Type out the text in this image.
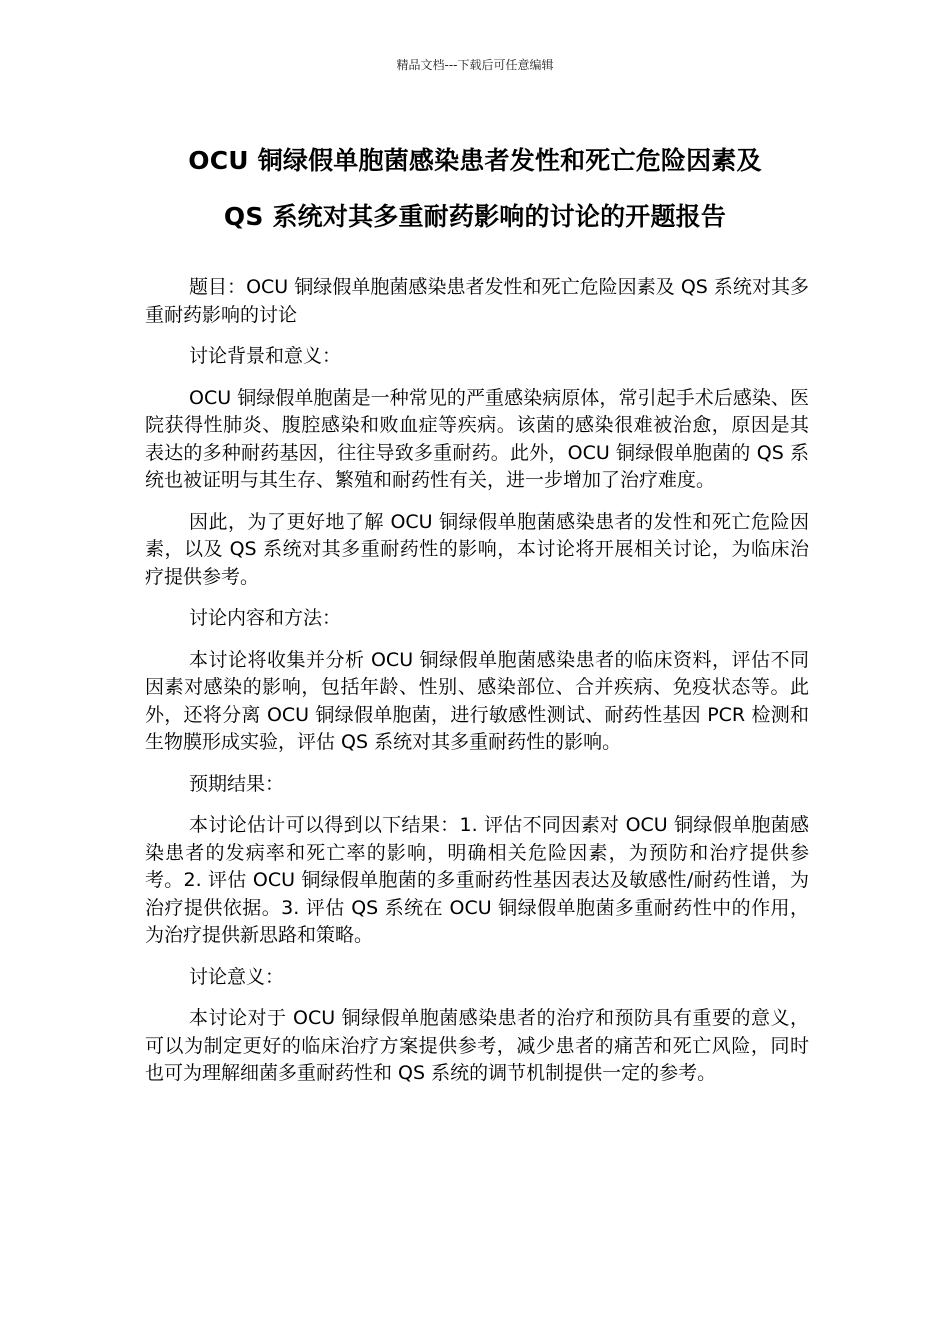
精品文档---下载后可任意编辑
OCU 铜绿假单胞菌感染患者发性和死亡危险因素及
QS 系统对其多重耐药影响的讨论的开题报告

题目：OCU 铜绿假单胞菌感染患者发性和死亡危险因素及 QS 系统对其多重耐药影响的讨论

讨论背景和意义：

OCU 铜绿假单胞菌是一种常见的严重感染病原体，常引起手术后感染、医院获得性肺炎、腹腔感染和败血症等疾病。该菌的感染很难被治愈，原因是其表达的多种耐药基因，往往导致多重耐药。此外，OCU 铜绿假单胞菌的 QS 系统也被证明与其生存、繁殖和耐药性有关，进一步增加了治疗难度。

因此，为了更好地了解 OCU 铜绿假单胞菌感染患者的发性和死亡危险因素，以及 QS 系统对其多重耐药性的影响，本讨论将开展相关讨论，为临床治疗提供参考。

讨论内容和方法：

本讨论将收集并分析 OCU 铜绿假单胞菌感染患者的临床资料，评估不同因素对感染的影响，包括年龄、性别、感染部位、合并疾病、免疫状态等。此外，还将分离 OCU 铜绿假单胞菌，进行敏感性测试、耐药性基因 PCR 检测和生物膜形成实验，评估 QS 系统对其多重耐药性的影响。

预期结果：

本讨论估计可以得到以下结果：1. 评估不同因素对 OCU 铜绿假单胞菌感染患者的发病率和死亡率的影响，明确相关危险因素，为预防和治疗提供参考。2. 评估 OCU 铜绿假单胞菌的多重耐药性基因表达及敏感性/耐药性谱，为治疗提供依据。3. 评估 QS 系统在 OCU 铜绿假单胞菌多重耐药性中的作用，为治疗提供新思路和策略。

讨论意义：

本讨论对于 OCU 铜绿假单胞菌感染患者的治疗和预防具有重要的意义，可以为制定更好的临床治疗方案提供参考，减少患者的痛苦和死亡风险，同时也可为理解细菌多重耐药性和 QS 系统的调节机制提供一定的参考。
